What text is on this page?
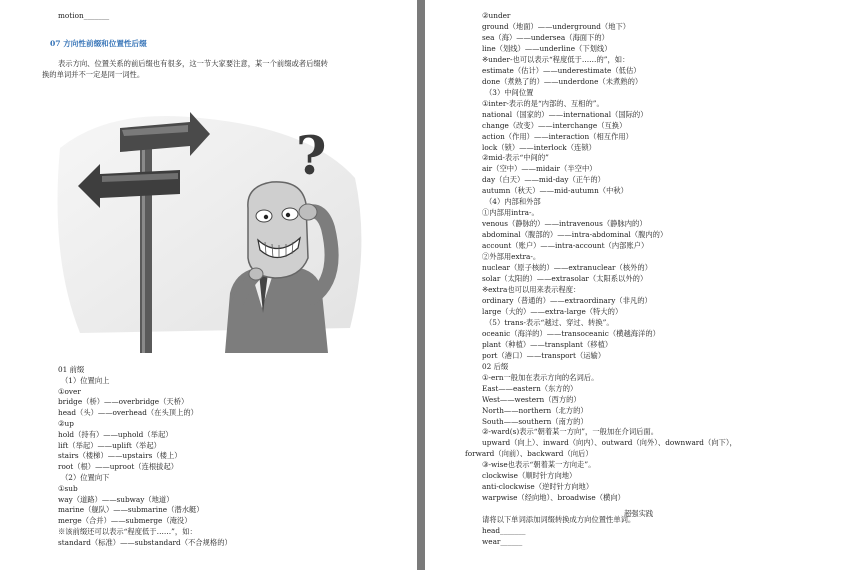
motion_______
07 方向性前缀和位置性后缀
表示方向、位置关系的前后缀也有很多，这一节大家要注意，某一个前缀或者后缀转
换的单词并不一定是同一词性。
?
01 前缀
（1）位置向上
①over
bridge（桥）——overbridge（天桥）
head（头）——overhead（在头顶上的）
②up
hold（持有）——uphold（举起）
lift（举起）——uplift（举起）
stairs（楼梯）——upstairs（楼上）
root（根）——uproot（连根拔起）
（2）位置向下
①sub
way（道路）——subway（地道）
marine（舰队）——submarine（潜水艇）
merge（合并）——submerge（淹没）
※该前缀还可以表示“程度低于……”，如：
standard（标准）——substandard（不合规格的）
②under
ground（地面）——underground（地下）
sea（海）——undersea（海面下的）
line（划线）——underline（下划线）
※under-也可以表示“程度低于……的”，如：
estimate（估计）——underestimate（低估）
done（煮熟了的）——underdone（未煮熟的）
（3）中间位置
①inter-表示的是“内部的、互相的”。
national（国家的）——international（国际的）
change（改变）——interchange（互换）
action（作用）——interaction（相互作用）
lock（锁）——interlock（连锁）
②mid-表示“中间的”
air（空中）——midair（半空中）
day（白天）——mid-day（正午的）
autumn（秋天）——mid-autumn（中秋）
（4）内部和外部
①内部用intra-。
venous（静脉的）——intravenous（静脉内的）
abdominal（腹部的）——intra-abdominal（腹内的）
account（账户）——intra-account（内部账户）
②外部用extra-。
nuclear（原子核的）——extranuclear（核外的）
solar（太阳的）——extrasolar（太阳系以外的）
※extra也可以用来表示程度：
ordinary（普通的）——extraordinary（非凡的）
large（大的）——extra-large（特大的）
（5）trans-表示“越过、穿过、转换”。
oceanic（海洋的）——transoceanic（横越海洋的）
plant（种植）——transplant（移植）
port（港口）——transport（运输）
02 后缀
①-ern一般加在表示方向的名词后。
East——eastern（东方的）
West——western（西方的）
North——northern（北方的）
South——southern（南方的）
②-ward(s)表示“朝着某一方向”，一般加在介词后面。
upward（向上）、inward（向内）、outward（向外）、downward（向下），
forward（向前）、backward（向后）
③-wise也表示“朝着某一方向走”。
clockwise（顺时针方向地）
anti-clockwise（逆时针方向地）
warpwise（经向地）、broadwise（横向）
请将以下单词添加词缀转换成方向位置性单词。
head_______
wear______
超强实践
